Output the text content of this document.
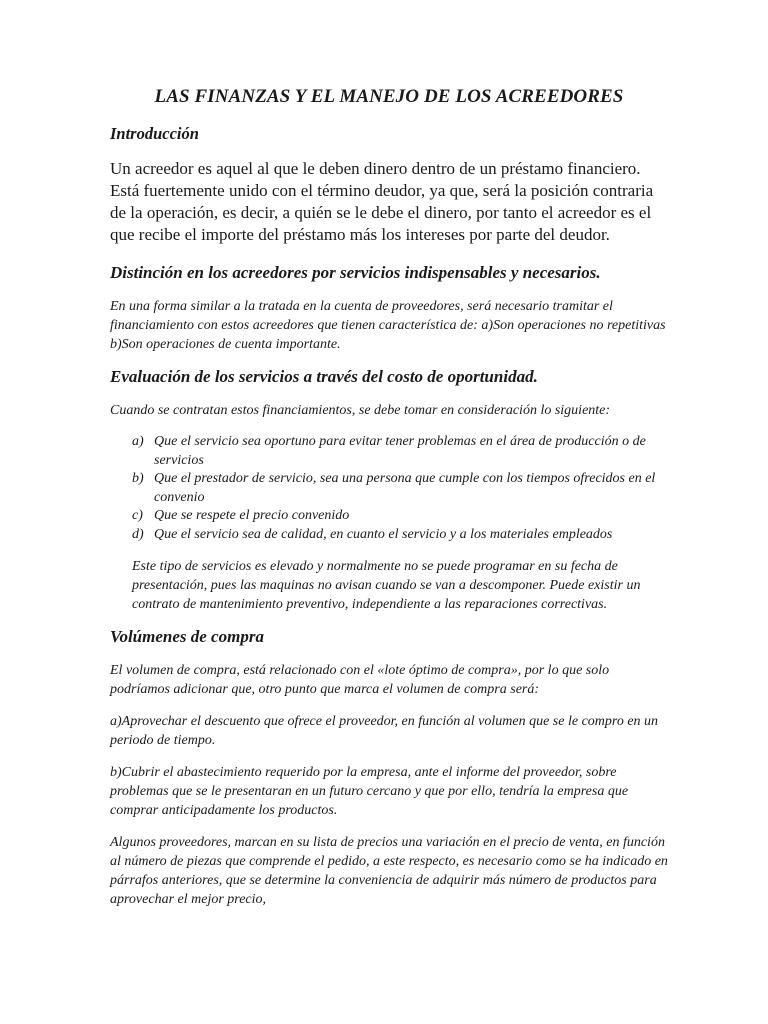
LAS FINANZAS Y EL MANEJO DE LOS ACREEDORES
Introducción

Un acreedor es aquel al que le deben dinero dentro de un préstamo financiero. Está fuertemente unido con el término deudor, ya que, será la posición contraria de la operación, es decir, a quién se le debe el dinero, por tanto el acreedor es el que recibe el importe del préstamo más los intereses por parte del deudor.

Distinción en los acreedores por servicios indispensables y necesarios.

En una forma similar a la tratada en la cuenta de proveedores, será necesario tramitar el financiamiento con estos acreedores que tienen característica de: a)Son operaciones no repetitivas b)Son operaciones de cuenta importante.

Evaluación de los servicios a través del costo de oportunidad.

Cuando se contratan estos financiamientos, se debe tomar en consideración lo siguiente:

a) Que el servicio sea oportuno para evitar tener problemas en el área de producción o de servicios
b) Que el prestador de servicio, sea una persona que cumple con los tiempos ofrecidos en el convenio
c) Que se respete el precio convenido
d) Que el servicio sea de calidad, en cuanto el servicio y a los materiales empleados

Este tipo de servicios es elevado y normalmente no se puede programar en su fecha de presentación, pues las maquinas no avisan cuando se van a descomponer. Puede existir un contrato de mantenimiento preventivo, independiente a las reparaciones correctivas.

Volúmenes de compra

El volumen de compra, está relacionado con el «lote óptimo de compra», por lo que solo podríamos adicionar que, otro punto que marca el volumen de compra será:

a)Aprovechar el descuento que ofrece el proveedor, en función al volumen que se le compro en un periodo de tiempo.

b)Cubrir el abastecimiento requerido por la empresa, ante el informe del proveedor, sobre problemas que se le presentaran en un futuro cercano y que por ello, tendría la empresa que comprar anticipadamente los productos.

Algunos proveedores, marcan en su lista de precios una variación en el precio de venta, en función al número de piezas que comprende el pedido, a este respecto, es necesario como se ha indicado en párrafos anteriores, que se determine la conveniencia de adquirir más número de productos para aprovechar el mejor precio,
